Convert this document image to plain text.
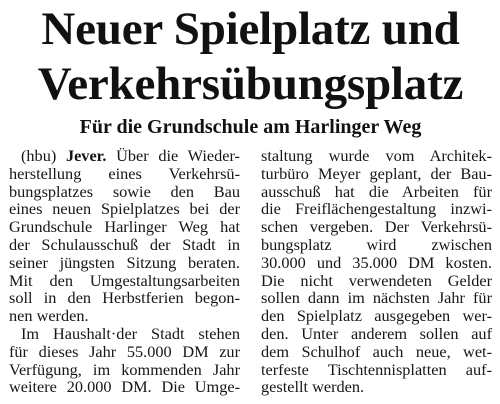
Neuer Spielplatz und
Verkehrsübungsplatz
Für die Grundschule am Harlinger Weg
(hbu) Jever. Über die Wieder-
herstellung eines Verkehrsü-
bungsplatzes sowie den Bau
eines neuen Spielplatzes bei der
Grundschule Harlinger Weg hat
der Schulausschuß der Stadt in
seiner jüngsten Sitzung beraten.
Mit den Umgestaltungsarbeiten
soll in den Herbstferien begon-
nen werden.
Im Haushalt·der Stadt stehen
für dieses Jahr 55.000 DM zur
Verfügung, im kommenden Jahr
weitere 20.000 DM. Die Umge-
staltung wurde vom Architek-
turbüro Meyer geplant, der Bau-
ausschuß hat die Arbeiten für
die Freiflächengestaltung inzwi-
schen vergeben. Der Verkehrsü-
bungsplatz wird zwischen
30.000 und 35.000 DM kosten.
Die nicht verwendeten Gelder
sollen dann im nächsten Jahr für
den Spielplatz ausgegeben wer-
den. Unter anderem sollen auf
dem Schulhof auch neue, wet-
terfeste Tischtennisplatten auf-
gestellt werden.
